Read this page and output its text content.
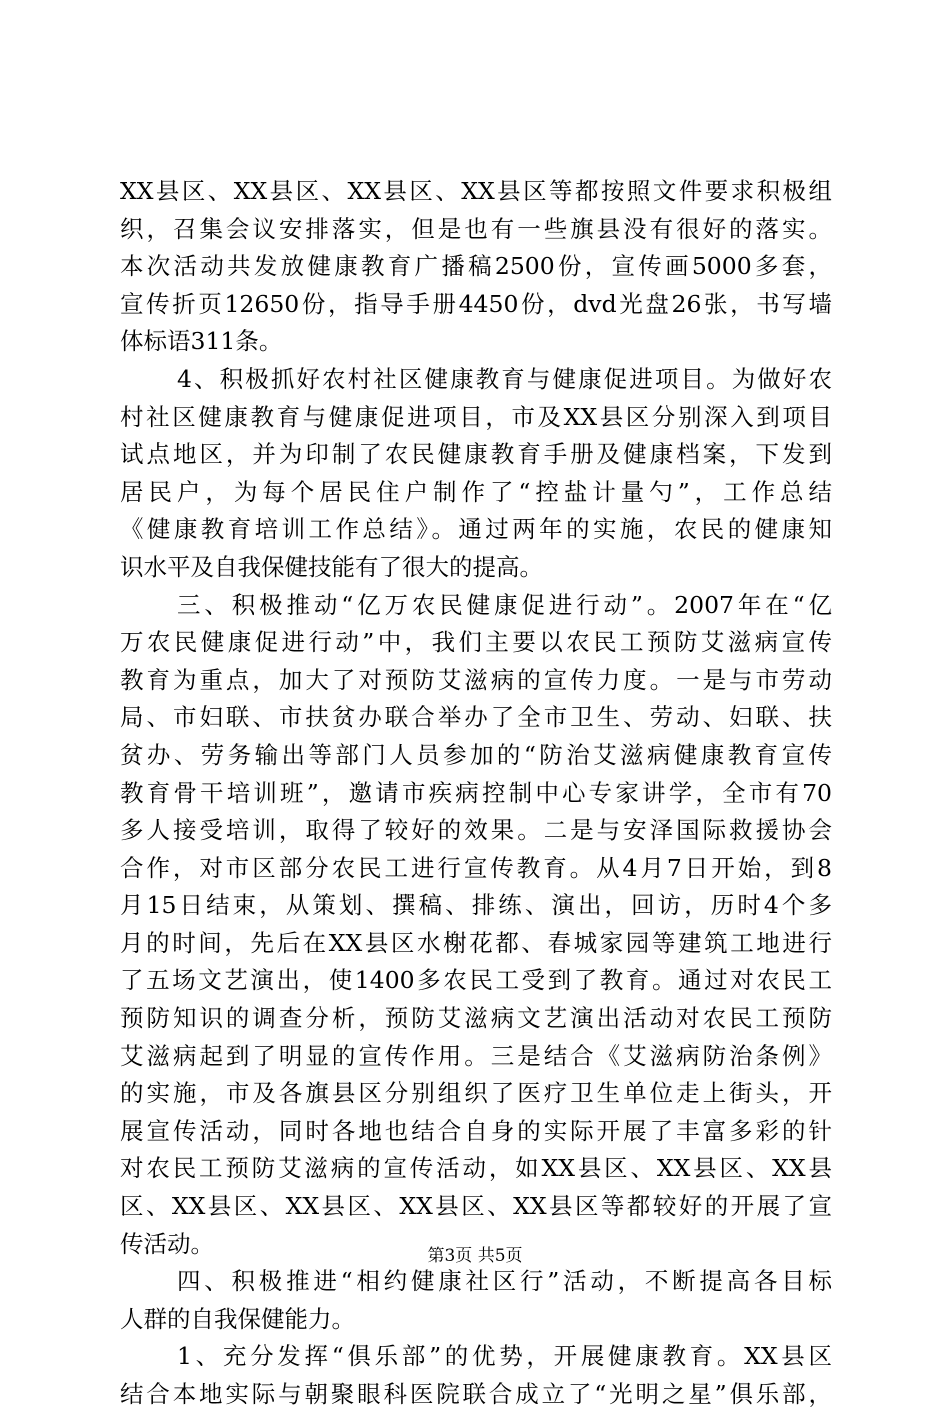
XX县区、XX县区、XX县区、XX县区等都按照文件要求积极组
织，召集会议安排落实，但是也有一些旗县没有很好的落实。
本次活动共发放健康教育广播稿2500份，宣传画5000多套，
宣传折页12650份，指导手册4450份，dvd光盘26张，书写墙
体标语311条。
4、积极抓好农村社区健康教育与健康促进项目。为做好农
村社区健康教育与健康促进项目，市及XX县区分别深入到项目
试点地区，并为印制了农民健康教育手册及健康档案，下发到
居民户，为每个居民住户制作了“控盐计量勺”，工作总结
《健康教育培训工作总结》。通过两年的实施，农民的健康知
识水平及自我保健技能有了很大的提高。
三、积极推动“亿万农民健康促进行动”。2007年在“亿
万农民健康促进行动”中，我们主要以农民工预防艾滋病宣传
教育为重点，加大了对预防艾滋病的宣传力度。一是与市劳动
局、市妇联、市扶贫办联合举办了全市卫生、劳动、妇联、扶
贫办、劳务输出等部门人员参加的“防治艾滋病健康教育宣传
教育骨干培训班”，邀请市疾病控制中心专家讲学，全市有70
多人接受培训，取得了较好的效果。二是与安泽国际救援协会
合作，对市区部分农民工进行宣传教育。从4月7日开始，到8
月15日结束，从策划、撰稿、排练、演出，回访，历时4个多
月的时间，先后在XX县区水榭花都、春城家园等建筑工地进行
了五场文艺演出，使1400多农民工受到了教育。通过对农民工
预防知识的调查分析，预防艾滋病文艺演出活动对农民工预防
艾滋病起到了明显的宣传作用。三是结合《艾滋病防治条例》
的实施，市及各旗县区分别组织了医疗卫生单位走上街头，开
展宣传活动，同时各地也结合自身的实际开展了丰富多彩的针
对农民工预防艾滋病的宣传活动，如XX县区、XX县区、XX县
区、XX县区、XX县区、XX县区、XX县区等都较好的开展了宣
传活动。
四、积极推进“相约健康社区行”活动，不断提高各目标
人群的自我保健能力。
1、充分发挥“俱乐部”的优势，开展健康教育。XX县区
结合本地实际与朝聚眼科医院联合成立了“光明之星”俱乐部，
第3页 共5页
